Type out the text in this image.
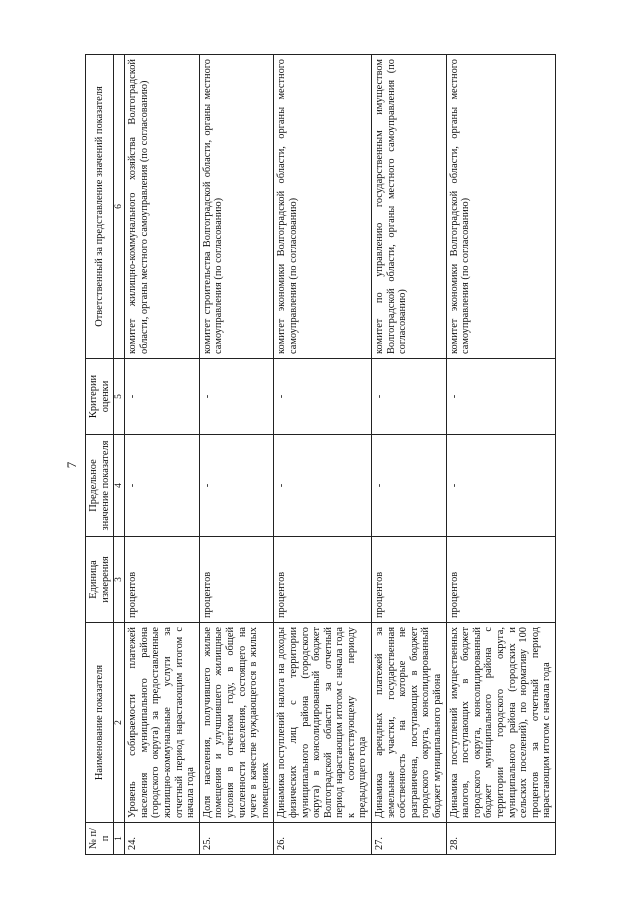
7
№ п/п	Наименование показателя	Единица измерения	Предельное значение показателя	Критерии оценки	Ответственный за представление значений показателя
1	2	3	4	5	6
24.	Уровень собираемости платежей населения муниципального района (городского округа) за предоставленные жилищно-коммунальные услуги за отчетный период нарастающим итогом с начала года	процентов	-	-	комитет жилищно-коммунального хозяйства Волгоградской области, органы местного самоуправления (по согласованию)
25.	Доля населения, получившего жилые помещения и улучшившего жилищные условия в отчетном году, в общей численности населения, состоящего на учете в качестве нуждающегося в жилых помещениях	процентов	-	-	комитет строительства Волгоградской области, органы местного самоуправления (по согласованию)
26.	Динамика поступлений налога на доходы физических лиц с территории муниципального района (городского округа) в консолидированный бюджет Волгоградской области за отчетный период нарастающим итогом с начала года к соответствующему периоду предыдущего года	процентов	-	-	комитет экономики Волгоградской области, органы местного самоуправления (по согласованию)
27.	Динамика арендных платежей за земельные участки, государственная собственность на которые не разграничена, поступающих в бюджет городского округа, консолидированный бюджет муниципального района	процентов	-	-	комитет по управлению государственным имуществом Волгоградской области, органы местного самоуправления (по согласованию)
28.	Динамика поступлений имущественных налогов, поступающих в бюджет городского округа, консолидированный бюджет муниципального района с территории городского округа, муниципального района (городских и сельских поселений), по нормативу 100 процентов за отчетный период нарастающим итогом с начала года	процентов	-	-	комитет экономики Волгоградской области, органы местного самоуправления (по согласованию)
